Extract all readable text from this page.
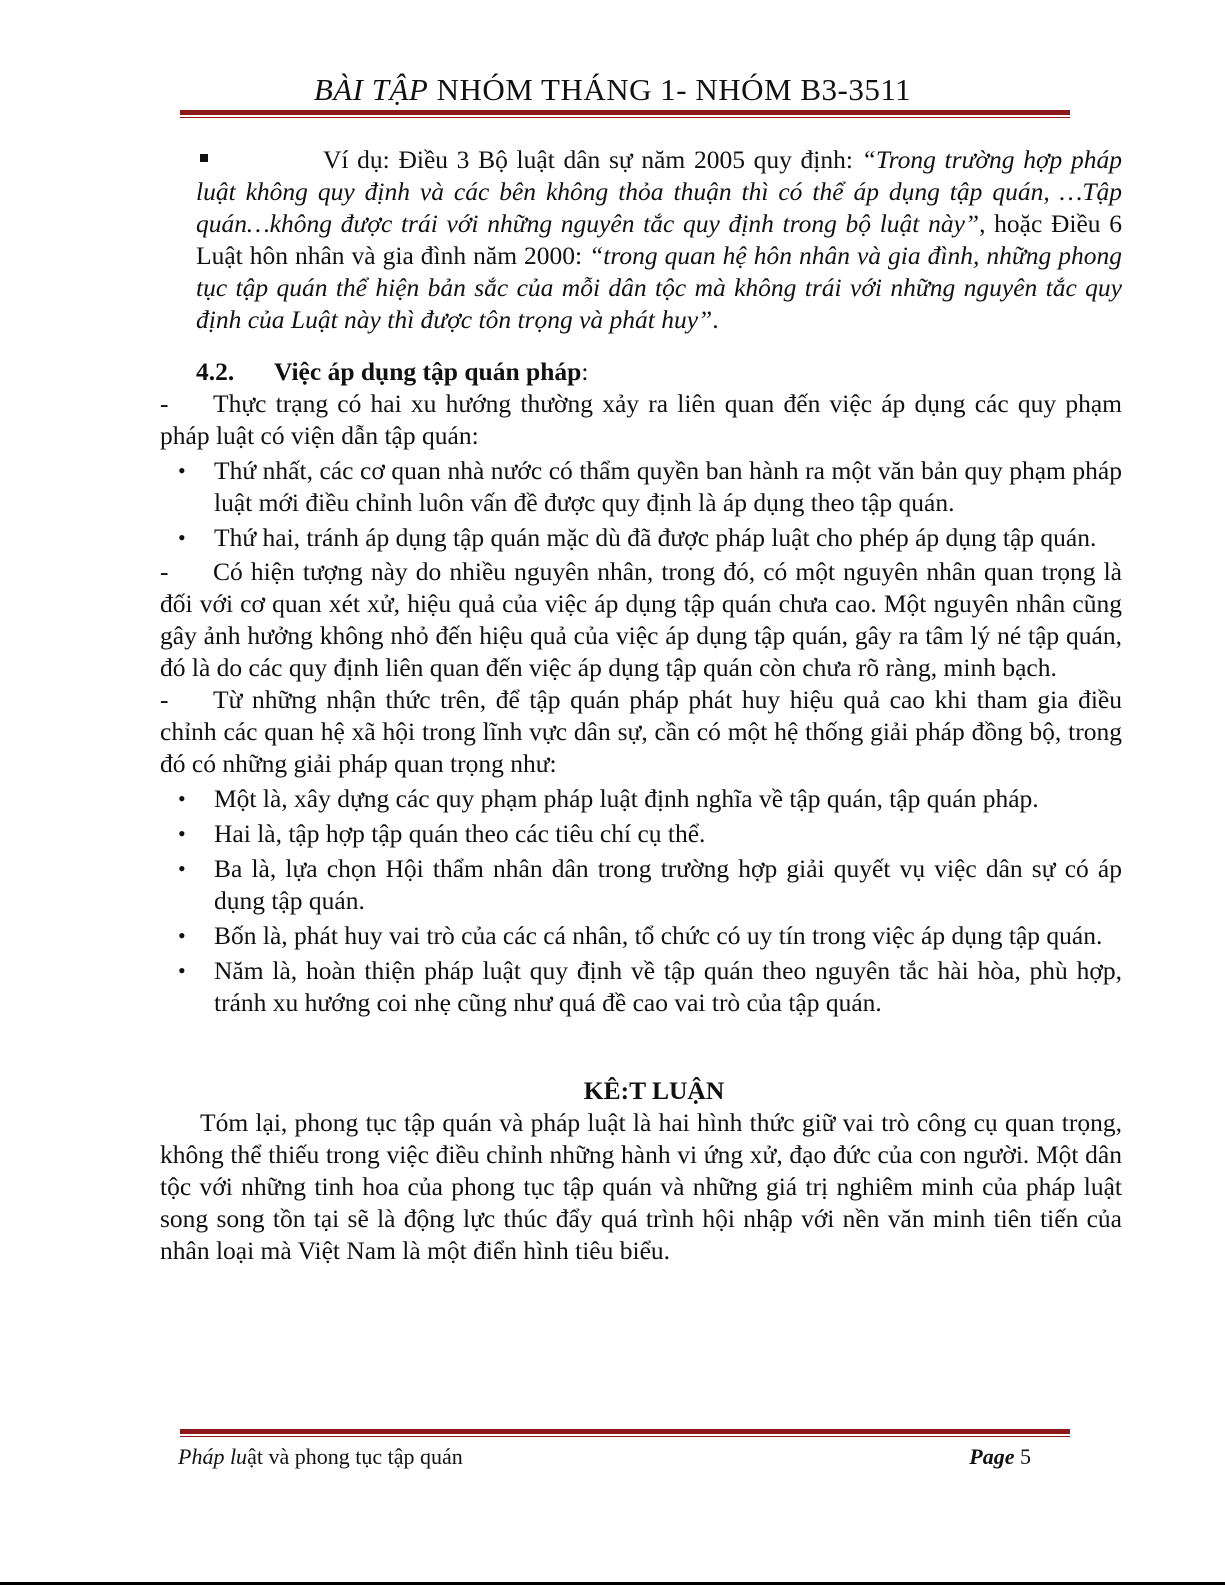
BÀI TẬP NHÓM THÁNG 1- NHÓM B3-3511

Ví dụ: Điều 3 Bộ luật dân sự năm 2005 quy định: “Trong trường hợp pháp luật không quy định và các bên không thỏa thuận thì có thể áp dụng tập quán, …Tập quán…không được trái với những nguyên tắc quy định trong bộ luật này”, hoặc Điều 6 Luật hôn nhân và gia đình năm 2000: “trong quan hệ hôn nhân và gia đình, những phong tục tập quán thể hiện bản sắc của mỗi dân tộc mà không trái với những nguyên tắc quy định của Luật này thì được tôn trọng và phát huy”.

4.2. Việc áp dụng tập quán pháp:

- Thực trạng có hai xu hướng thường xảy ra liên quan đến việc áp dụng các quy phạm pháp luật có viện dẫn tập quán:

• Thứ nhất, các cơ quan nhà nước có thẩm quyền ban hành ra một văn bản quy phạm pháp luật mới điều chỉnh luôn vấn đề được quy định là áp dụng theo tập quán.
• Thứ hai, tránh áp dụng tập quán mặc dù đã được pháp luật cho phép áp dụng tập quán.

- Có hiện tượng này do nhiều nguyên nhân, trong đó, có một nguyên nhân quan trọng là đối với cơ quan xét xử, hiệu quả của việc áp dụng tập quán chưa cao. Một nguyên nhân cũng gây ảnh hưởng không nhỏ đến hiệu quả của việc áp dụng tập quán, gây ra tâm lý né tập quán, đó là do các quy định liên quan đến việc áp dụng tập quán còn chưa rõ ràng, minh bạch.

- Từ những nhận thức trên, để tập quán pháp phát huy hiệu quả cao khi tham gia điều chỉnh các quan hệ xã hội trong lĩnh vực dân sự, cần có một hệ thống giải pháp đồng bộ, trong đó có những giải pháp quan trọng như:

• Một là, xây dựng các quy phạm pháp luật định nghĩa về tập quán, tập quán pháp.
• Hai là, tập hợp tập quán theo các tiêu chí cụ thể.
• Ba là, lựa chọn Hội thẩm nhân dân trong trường hợp giải quyết vụ việc dân sự có áp dụng tập quán.
• Bốn là, phát huy vai trò của các cá nhân, tổ chức có uy tín trong việc áp dụng tập quán.
• Năm là, hoàn thiện pháp luật quy định về tập quán theo nguyên tắc hài hòa, phù hợp, tránh xu hướng coi nhẹ cũng như quá đề cao vai trò của tập quán.
KÊ:T LUẬN

Tóm lại, phong tục tập quán và pháp luật là hai hình thức giữ vai trò công cụ quan trọng, không thể thiếu trong việc điều chỉnh những hành vi ứng xử, đạo đức của con người. Một dân tộc với những tinh hoa của phong tục tập quán và những giá trị nghiêm minh của pháp luật song song tồn tại sẽ là động lực thúc đẩy quá trình hội nhập với nền văn minh tiên tiến của nhân loại mà Việt Nam là một điển hình tiêu biểu.

Pháp luật và phong tục tập quán	Page 5
